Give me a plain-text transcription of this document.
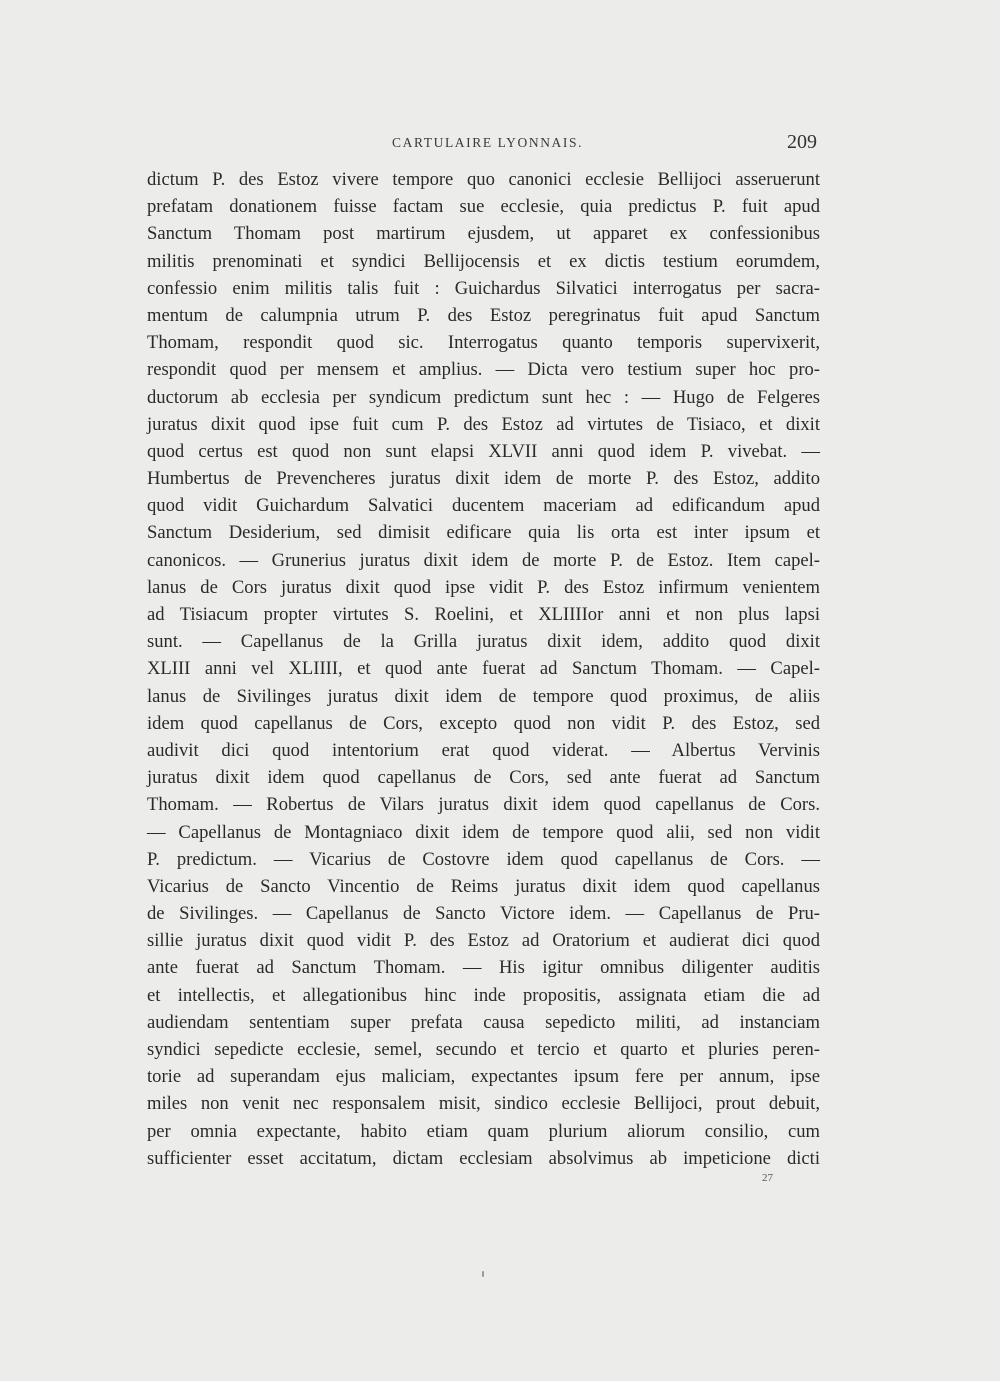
CARTULAIRE LYONNAIS.	209
dictum P. des Estoz vivere tempore quo canonici ecclesie Bellijoci asseruerunt
prefatam donationem fuisse factam sue ecclesie, quia predictus P. fuit apud
Sanctum Thomam post martirum ejusdem, ut apparet ex confessionibus
militis prenominati et syndici Bellijocensis et ex dictis testium eorumdem,
confessio enim militis talis fuit : Guichardus Silvatici interrogatus per sacra-
mentum de calumpnia utrum P. des Estoz peregrinatus fuit apud Sanctum
Thomam, respondit quod sic. Interrogatus quanto temporis supervixerit,
respondit quod per mensem et amplius. — Dicta vero testium super hoc pro-
ductorum ab ecclesia per syndicum predictum sunt hec : — Hugo de Felgeres
juratus dixit quod ipse fuit cum P. des Estoz ad virtutes de Tisiaco, et dixit
quod certus est quod non sunt elapsi XLVII anni quod idem P. vivebat. —
Humbertus de Prevencheres juratus dixit idem de morte P. des Estoz, addito
quod vidit Guichardum Salvatici ducentem maceriam ad edificandum apud
Sanctum Desiderium, sed dimisit edificare quia lis orta est inter ipsum et
canonicos. — Grunerius juratus dixit idem de morte P. de Estoz. Item capel-
lanus de Cors juratus dixit quod ipse vidit P. des Estoz infirmum venientem
ad Tisiacum propter virtutes S. Roelini, et XLIIIIor anni et non plus lapsi
sunt. — Capellanus de la Grilla juratus dixit idem, addito quod dixit
XLIII anni vel XLIIII, et quod ante fuerat ad Sanctum Thomam. — Capel-
lanus de Sivilinges juratus dixit idem de tempore quod proximus, de aliis
idem quod capellanus de Cors, excepto quod non vidit P. des Estoz, sed
audivit dici quod intentorium erat quod viderat. — Albertus Vervinis
juratus dixit idem quod capellanus de Cors, sed ante fuerat ad Sanctum
Thomam. — Robertus de Vilars juratus dixit idem quod capellanus de Cors.
— Capellanus de Montagniaco dixit idem de tempore quod alii, sed non vidit
P. predictum. — Vicarius de Costovre idem quod capellanus de Cors. —
Vicarius de Sancto Vincentio de Reims juratus dixit idem quod capellanus
de Sivilinges. — Capellanus de Sancto Victore idem. — Capellanus de Pru-
sillie juratus dixit quod vidit P. des Estoz ad Oratorium et audierat dici quod
ante fuerat ad Sanctum Thomam. — His igitur omnibus diligenter auditis
et intellectis, et allegationibus hinc inde propositis, assignata etiam die ad
audiendam sententiam super prefata causa sepedicto militi, ad instanciam
syndici sepedicte ecclesie, semel, secundo et tercio et quarto et pluries peren-
torie ad superandam ejus maliciam, expectantes ipsum fere per annum, ipse
miles non venit nec responsalem misit, sindico ecclesie Bellijoci, prout debuit,
per omnia expectante, habito etiam quam plurium aliorum consilio, cum
sufficienter esset accitatum, dictam ecclesiam absolvimus ab impeticione dicti
27
